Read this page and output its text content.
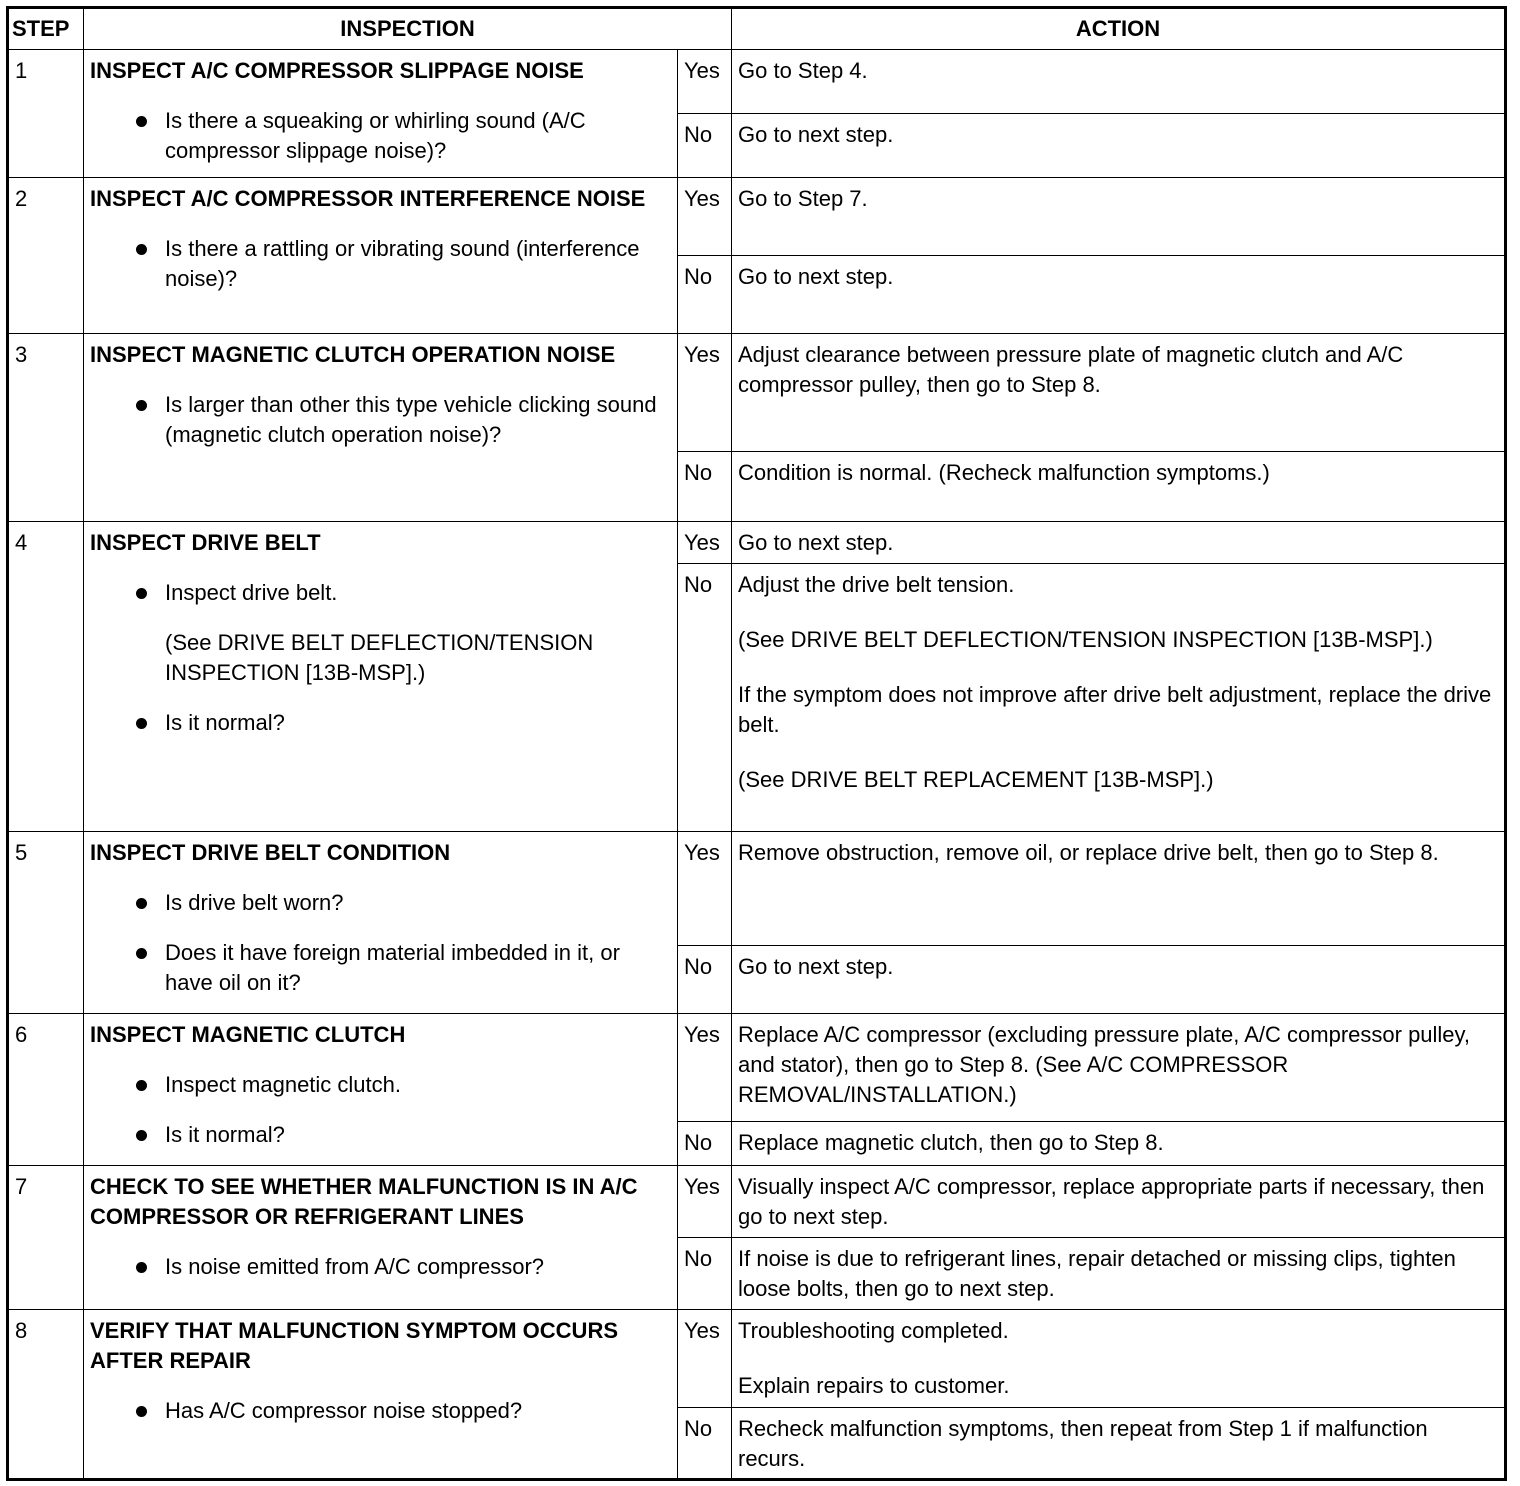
STEP	INSPECTION		ACTION
1	INSPECT A/C COMPRESSOR SLIPPAGE NOISE
Is there a squeaking or whirling sound (A/C compressor slippage noise)?	Yes	Go to Step 4.

		No	Go to next step.

2	INSPECT A/C COMPRESSOR INTERFERENCE NOISE
Is there a rattling or vibrating sound (interference noise)?	Yes	Go to Step 7.

		No	Go to next step.

3	INSPECT MAGNETIC CLUTCH OPERATION NOISE
Is larger than other this type vehicle clicking sound (magnetic clutch operation noise)?	Yes	Adjust clearance between pressure plate of magnetic clutch and A/C compressor pulley, then go to Step 8.

		No	Condition is normal. (Recheck malfunction symptoms.)

4	INSPECT DRIVE BELT
Inspect drive belt.
(See DRIVE BELT DEFLECTION/TENSION INSPECTION [13B-MSP].)
Is it normal?	Yes	Go to next step.

		No	Adjust the drive belt tension.
(See DRIVE BELT DEFLECTION/TENSION INSPECTION [13B-MSP].)
If the symptom does not improve after drive belt adjustment, replace the drive belt.
(See DRIVE BELT REPLACEMENT [13B-MSP].)

5	INSPECT DRIVE BELT CONDITION
Is drive belt worn?
Does it have foreign material imbedded in it, or have oil on it?	Yes	Remove obstruction, remove oil, or replace drive belt, then go to Step 8.

		No	Go to next step.

6	INSPECT MAGNETIC CLUTCH
Inspect magnetic clutch.
Is it normal?	Yes	Replace A/C compressor (excluding pressure plate, A/C compressor pulley, and stator), then go to Step 8. (See A/C COMPRESSOR REMOVAL/INSTALLATION.)

		No	Replace magnetic clutch, then go to Step 8.

7	CHECK TO SEE WHETHER MALFUNCTION IS IN A/C COMPRESSOR OR REFRIGERANT LINES
Is noise emitted from A/C compressor?	Yes	Visually inspect A/C compressor, replace appropriate parts if necessary, then go to next step.

		No	If noise is due to refrigerant lines, repair detached or missing clips, tighten loose bolts, then go to next step.

8	VERIFY THAT MALFUNCTION SYMPTOM OCCURS AFTER REPAIR
Has A/C compressor noise stopped?	Yes	Troubleshooting completed.
Explain repairs to customer.

		No	Recheck malfunction symptoms, then repeat from Step 1 if malfunction recurs.
